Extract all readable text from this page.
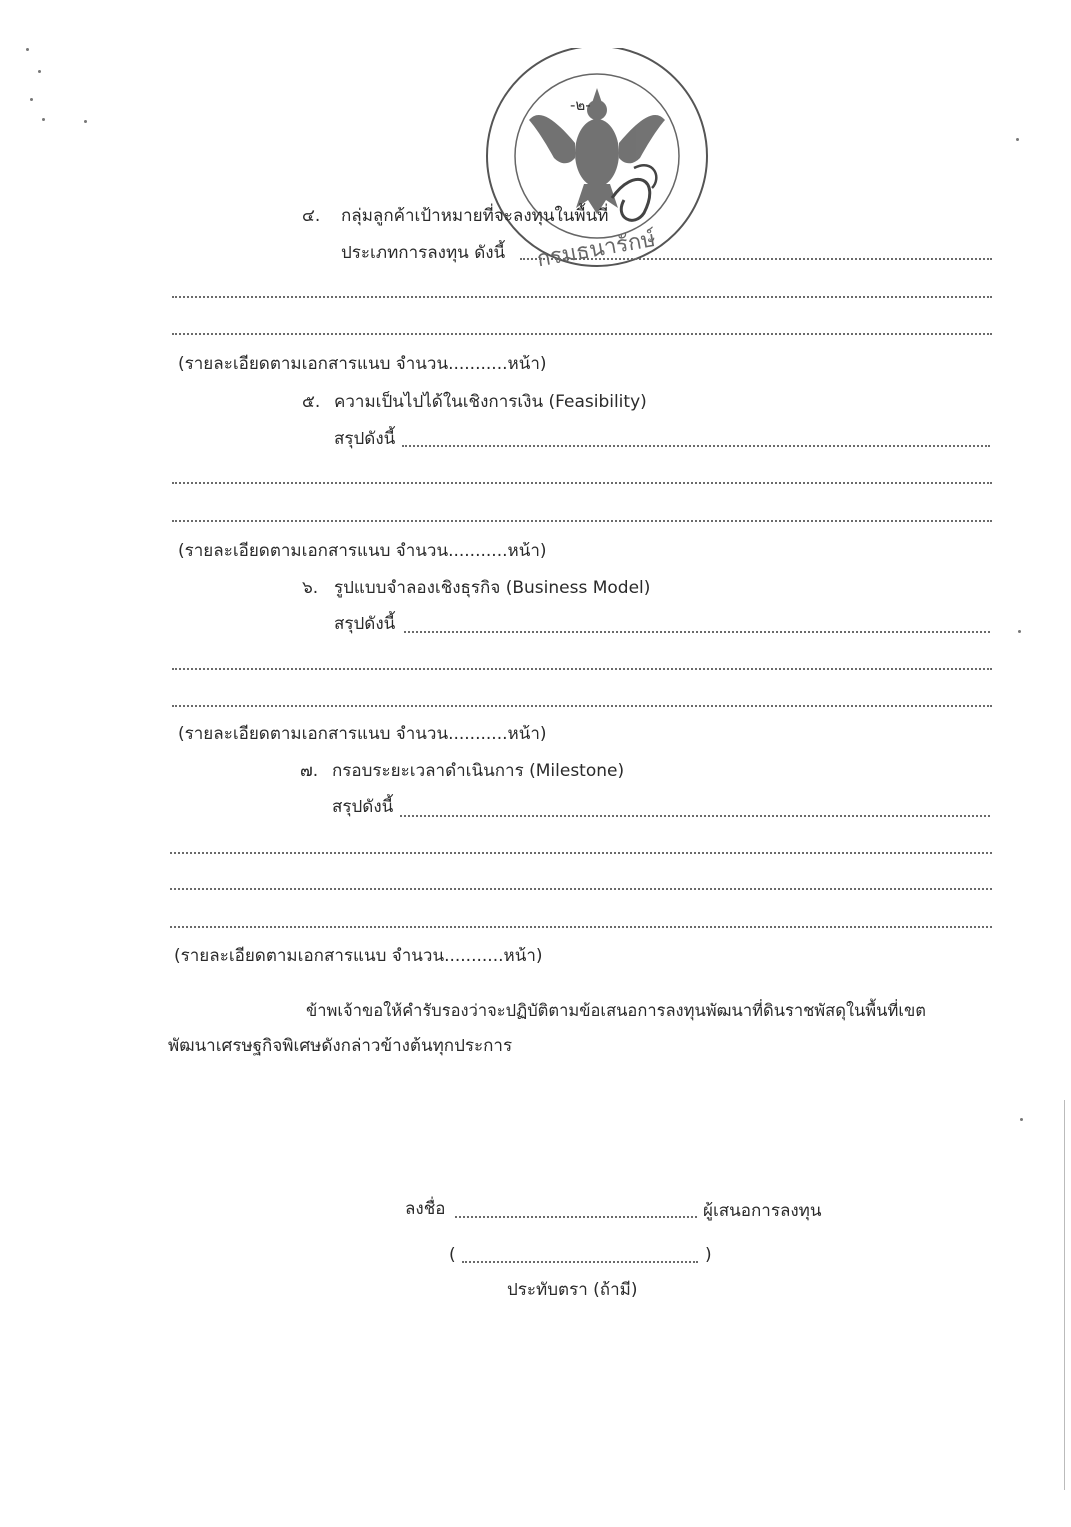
-๒-
กรมธนารักษ์
๔. กลุ่มลูกค้าเป้าหมายที่จะลงทุนในพื้นที่
ประเภทการลงทุน ดังนี้
(รายละเอียดตามเอกสารแนบ จำนวน...........หน้า)
๕. ความเป็นไปได้ในเชิงการเงิน (Feasibility)
สรุปดังนี้
(รายละเอียดตามเอกสารแนบ จำนวน...........หน้า)
๖. รูปแบบจำลองเชิงธุรกิจ (Business Model)
สรุปดังนี้
(รายละเอียดตามเอกสารแนบ จำนวน...........หน้า)
๗. กรอบระยะเวลาดำเนินการ (Milestone)
สรุปดังนี้
(รายละเอียดตามเอกสารแนบ จำนวน...........หน้า)
ข้าพเจ้าขอให้คำรับรองว่าจะปฏิบัติตามข้อเสนอการลงทุนพัฒนาที่ดินราชพัสดุในพื้นที่เขต
พัฒนาเศรษฐกิจพิเศษดังกล่าวข้างต้นทุกประการ
ลงชื่อ	ผู้เสนอการลงทุน
(	)
ประทับตรา (ถ้ามี)
